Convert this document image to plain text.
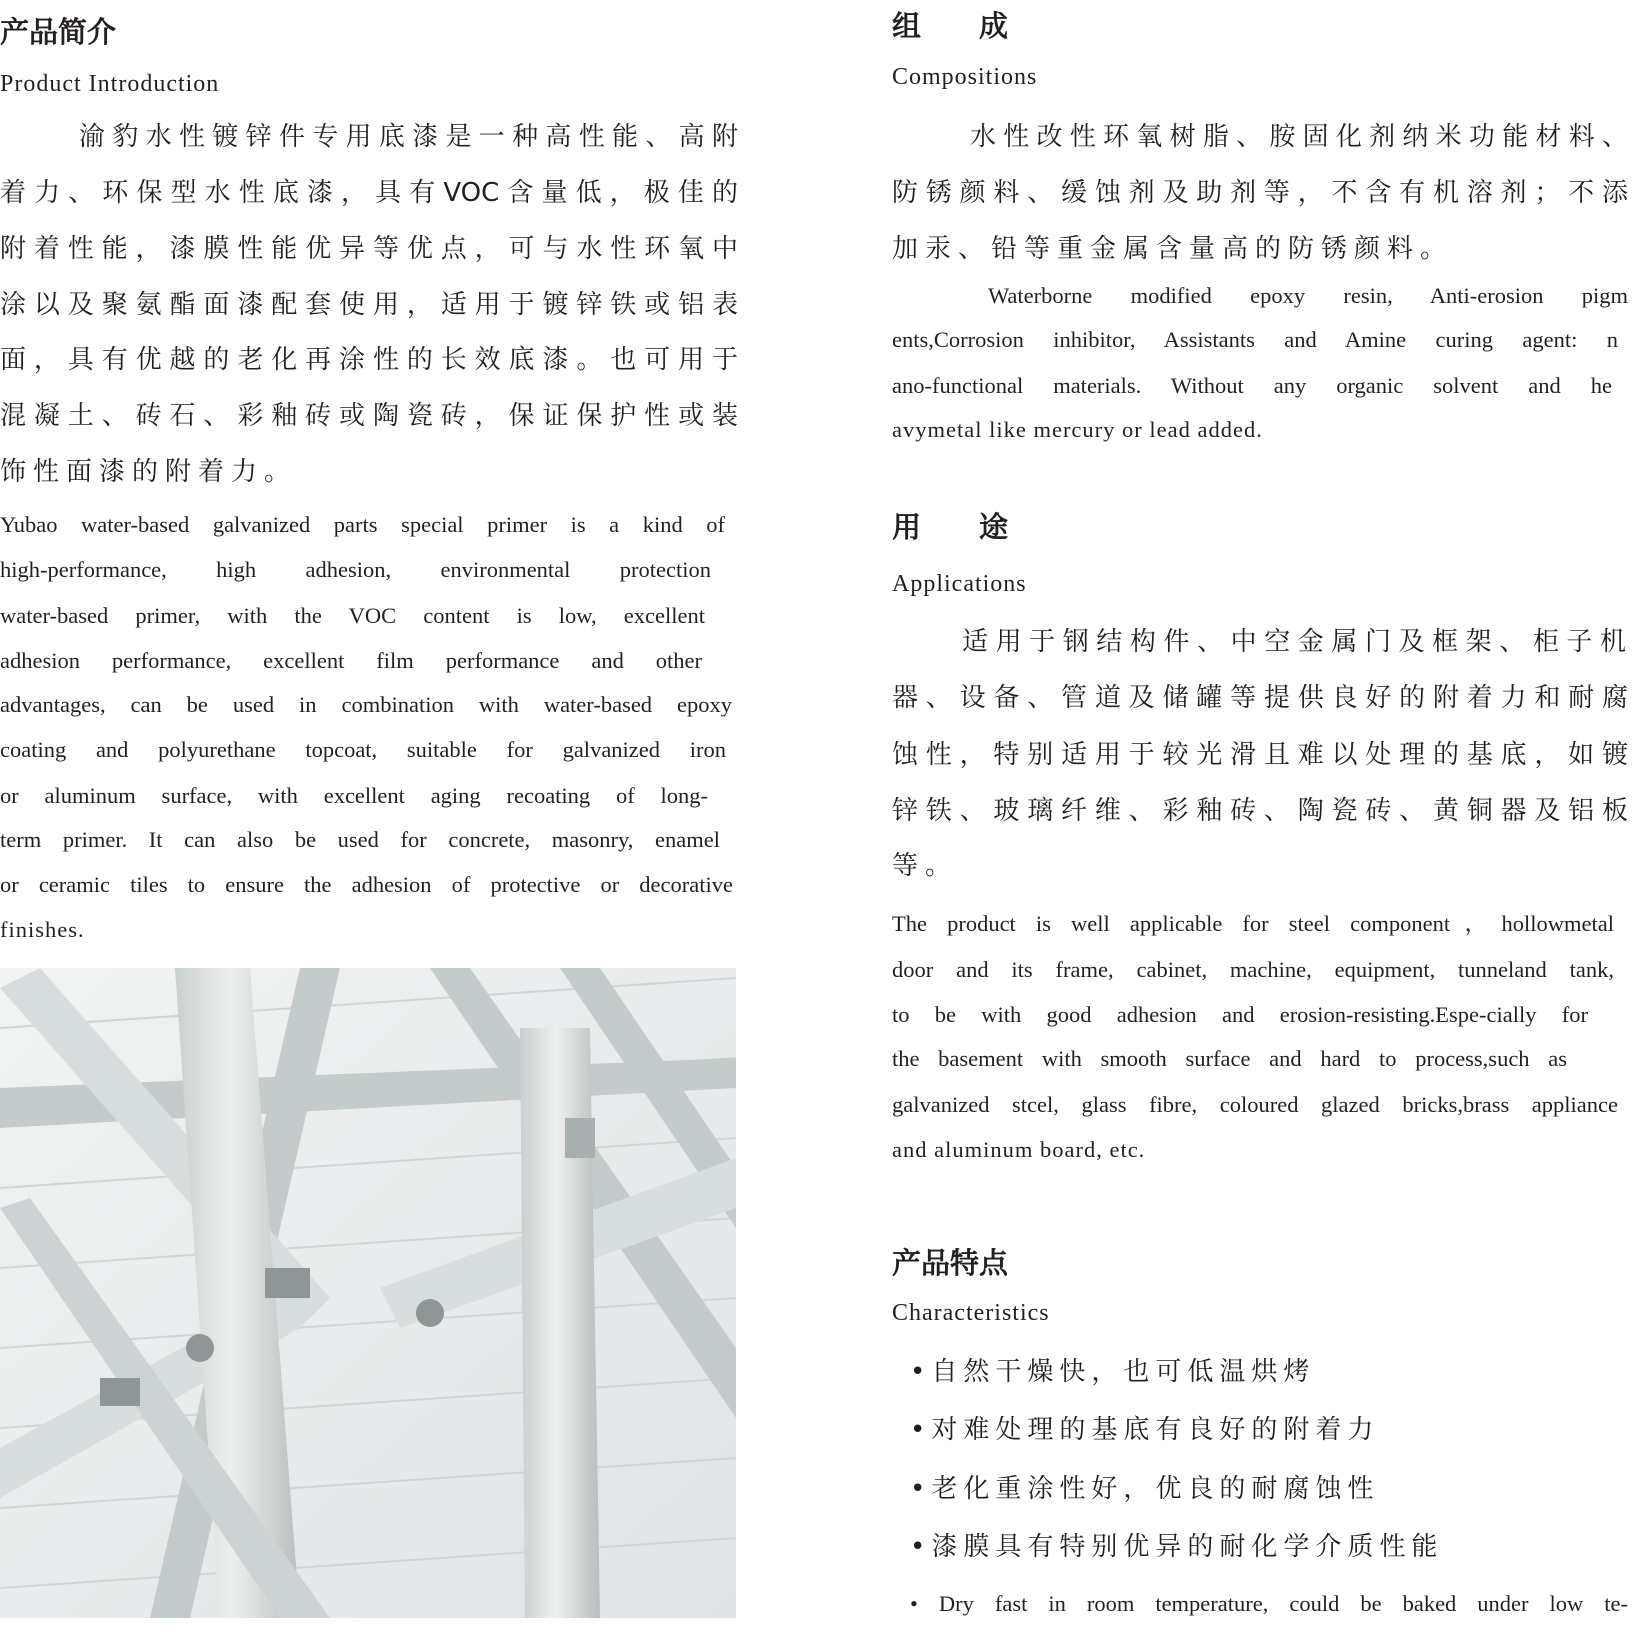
产品简介
Product Introduction
渝豹水性镀锌件专用底漆是一种高性能、高附
着力、环保型水性底漆，具有VOC含量低，极佳的
附着性能，漆膜性能优异等优点，可与水性环氧中
涂以及聚氨酯面漆配套使用，适用于镀锌铁或铝表
面，具有优越的老化再涂性的长效底漆。也可用于
混凝土、砖石、彩釉砖或陶瓷砖，保证保护性或装
饰性面漆的附着力。
Yubao water-based galvanized parts special primer is a kind of
high-performance, high adhesion, environmental protection
water-based primer, with the VOC content is low, excellent
adhesion performance, excellent film performance and other
advantages, can be used in combination with water-based epoxy
coating and polyurethane topcoat, suitable for galvanized iron
or aluminum surface, with excellent aging recoating of long-
term primer. It can also be used for concrete, masonry, enamel
or ceramic tiles to ensure the adhesion of protective or decorative
finishes.
组　　成
Compositions
水性改性环氧树脂、胺固化剂纳米功能材料、
防锈颜料、缓蚀剂及助剂等，不含有机溶剂；不添
加汞、铅等重金属含量高的防锈颜料。
Waterborne modified epoxy resin, Anti-erosion pigm
ents,Corrosion inhibitor, Assistants and Amine curing agent: n
ano-functional materials. Without any organic solvent and he
avymetal like mercury or lead added.
用　　途
Applications
适用于钢结构件、中空金属门及框架、柜子机
器、设备、管道及储罐等提供良好的附着力和耐腐
蚀性，特别适用于较光滑且难以处理的基底，如镀
锌铁、玻璃纤维、彩釉砖、陶瓷砖、黄铜器及铝板
等。
The product is well applicable for steel component，hollowmetal
door and its frame, cabinet, machine, equipment, tunneland tank,
to be with good adhesion and erosion-resisting.Espe-cially for
the basement with smooth surface and hard to process,such as
galvanized stcel, glass fibre, coloured glazed bricks,brass appliance
and aluminum board, etc.
产品特点
Characteristics
•自然干燥快，也可低温烘烤
•对难处理的基底有良好的附着力
•老化重涂性好，优良的耐腐蚀性
•漆膜具有特别优异的耐化学介质性能
• Dry fast in room temperature, could be baked under low te-
